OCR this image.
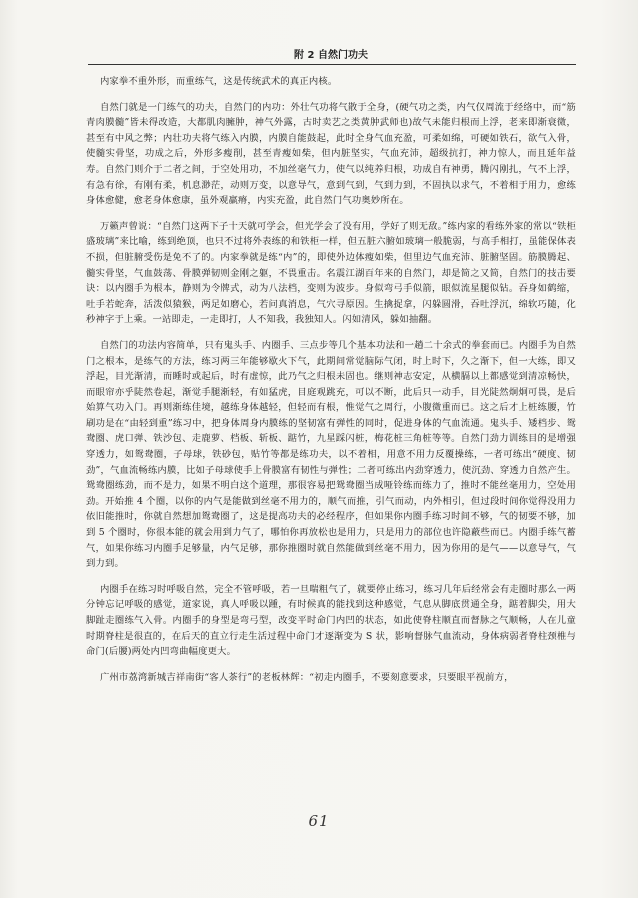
附 2 自然门功夫

内家拳不重外形，而重练气，这是传统武术的真正内核。

自然门就是一门练气的功夫，自然门的内功：外壮气功将气散于全身，(硬气功之类，内气仅周流于经络中，而“筋青肉膜髓”皆未得改造，大都肌肉臃肿，神气外露，古时卖艺之类黄肿武师也)故气未能归根而上浮，老来即渐衰微，甚至有中风之弊；内壮功夫将气练入内膜，内膜自能鼓起，此时全身气血充盈，可柔如绵，可硬如铁石，欲气入骨，使髓实骨坚，功成之后，外形多瘦削，甚至青瘦如柴，但内脏坚实，气血充沛，超级抗打，神力惊人，而且延年益寿。自然门则介于二者之间，于空处用功，不加丝毫气力，使气以纯养归根，功成自有神勇，腾闪刚扎，气不上浮，有急有徐，有刚有柔，机息渺茫，动则万变，以意导气，意到气到，气到力到，不固执以求气，不着相于用力，愈练身体愈健，愈老身体愈康，虽外观羸瘠，内实充盈，此自然门气功奥妙所在。

万籁声曾说：“自然门这两下子十天就可学会，但光学会了没有用，学好了则无敌。”练内家的看练外家的常以“铁柜盛玻璃”来比喻，练到绝顶，也只不过将外表练的和铁柜一样，但五脏六腑如玻璃一般脆弱，与高手相打，虽能保体表不损，但脏腑受伤是免不了的。内家拳就是练“内”的，即使外边体瘦如柴，但里边气血充沛、脏腑坚固。筋膜腾起、髓实骨坚，气血鼓荡、骨膜弹韧则金刚之躯，不畏重击。名震江湖百年来的自然门，却是简之又简，自然门的技击要诀：以内圈手为根本，静则为令牌式，动为八法档，变则为波步。身似弯弓手似箭，眼似流星腿似钻。吞身如鹤缩，吐手若蛇奔，活泼似猿猴，两足如磨心，若问真消息，气穴寻原因。生擒捉拿，闪躲圆滑，吞吐浮沉，绵软巧随，化秒神字于上乘。一站即走，一走即打，人不知我，我独知人。闪如清风，躲如抽翻。

自然门的功法内容简单，只有鬼头手、内圈手、三点步等几个基本功法和一趟二十余式的拳套而已。内圈手为自然门之根本，是练气的方法，练习两三年能够歇火下气，此期间常觉脑际气闭，时上时下，久之渐下，但一大练，即又浮起，目光渐清，而睡时或起后，时有虚惊，此乃气之归根未固也。继则神志安定，从横膈以上都感觉到清凉畅快，而眼帘亦乎陡然卷起，渐觉手腿渐轻，有如猛虎，目庭观跳充，可以不断，此后只一动手，目光陡然炯炯可畏，是后始算气功入门。再则渐练佳境，越练身体越轻，但轻而有根，惟觉气之周行，小腹微重而已。这之后才上桩练腰，竹刷功是在“由轻到重”练习中，把身体周身内膜练的坚韧富有弹性的同时，促进身体的气血流通。鬼头手、矮档步、鸳鸯圈、虎口弹、铁沙包、走鹿萝、档板、斩板、踮竹，九星踩闪桩，梅花桩三角桩等等。自然门劲力训练目的是增强穿透力，如鸳鸯圈，子母球，铁砂包，贴竹等都是练功夫，以不着相，用意不用力反覆操练，一者可练出“硬度、韧劲”，气血流畅练内膜，比如子母球使手上骨膜富有韧性与弹性；二者可练出内劲穿透力，使沉劲、穿透力自然产生。鸳鸯圈练劲，而不是力，如果不明白这个道理，那很容易把鸳鸯圈当成哑铃练而练力了，推时不能丝毫用力，空处用劲。开始推 4 个圈，以你的内气是能做到丝毫不用力的，顺气而推，引气而动，内外相引，但过段时间你觉得没用力依旧能推时，你就自然想加鸳鸯圈了，这是提高功夫的必经程序，但如果你内圈手练习时间不够，气的韧要不够，加到 5 个圈时，你很本能的就会用到力气了，哪怕你再放松也是用力，只是用力的部位也许隐蔽些而已。内圈手练气蓄气，如果你练习内圈手足够量，内气足够，那你推圈时就自然能做到丝毫不用力，因为你用的是气——以意导气，气到力到。

内圈手在练习时呼吸自然，完全不管呼吸，若一旦喘粗气了，就要停止练习，练习几年后经常会有走圈时那么一两分钟忘记呼吸的感觉，道家说，真人呼吸以踵，有时候真的能找到这种感觉，气息从脚底贯通全身，踮着脚尖，用大脚趾走圈练气入骨。内圈手的身型是弯弓型，改变平时命门内凹的状态，如此使脊柱顺直而督脉之气顺畅，人在儿童时期脊柱是很直的，在后天的直立行走生活过程中命门才逐渐变为 S 状，影响督脉气血流动，身体病弱者脊柱颈椎与命门(后腰)两处内凹弯曲幅度更大。

广州市荔湾新城吉祥南街“客人茶行”的老板林辉：“初走内圈手，不要刻意要求，只要眼平视前方，

61
